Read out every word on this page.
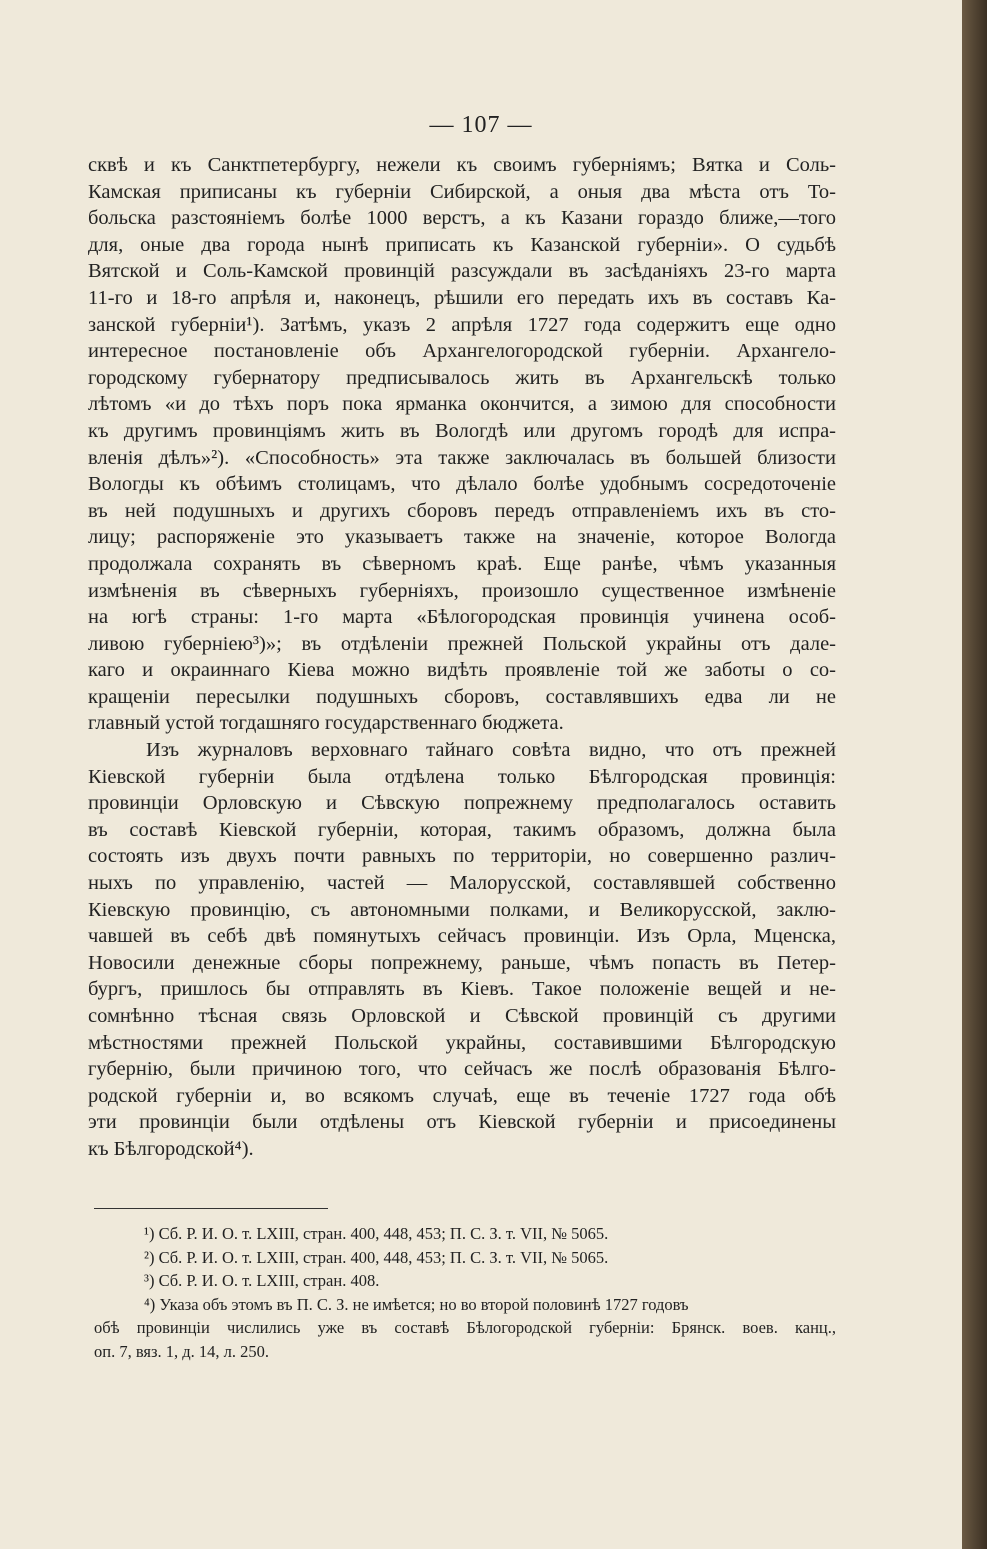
— 107 —
сквѣ и къ Санктпетербургу, нежели къ своимъ губерніямъ; Вятка и Соль-
Камская приписаны къ губерніи Сибирской, а оныя два мѣста отъ То-
больска разстояніемъ болѣе 1000 верстъ, а къ Казани гораздо ближе,—того
для, оные два города нынѣ приписать къ Казанской губерніи». О судьбѣ
Вятской и Соль-Камской провинцій разсуждали въ засѣданіяхъ 23-го марта
11-го и 18-го апрѣля и, наконецъ, рѣшили его передать ихъ въ составъ Ка-
занской губерніи¹). Затѣмъ, указъ 2 апрѣля 1727 года содержитъ еще одно
интересное постановленіе объ Архангелогородской губерніи. Архангело-
городскому губернатору предписывалось жить въ Архангельскѣ только
лѣтомъ «и до тѣхъ поръ пока ярманка окончится, а зимою для способности
къ другимъ провинціямъ жить въ Вологдѣ или другомъ городѣ для испра-
вленія дѣлъ»²). «Способность» эта также заключалась въ большей близости
Вологды къ обѣимъ столицамъ, что дѣлало болѣе удобнымъ сосредоточеніе
въ ней подушныхъ и другихъ сборовъ передъ отправленіемъ ихъ въ сто-
лицу; распоряженіе это указываетъ также на значеніе, которое Вологда
продолжала сохранять въ сѣверномъ краѣ. Еще ранѣе, чѣмъ указанныя
измѣненія въ сѣверныхъ губерніяхъ, произошло существенное измѣненіе
на югѣ страны: 1-го марта «Бѣлогородская провинція учинена особ-
ливою губерніею³)»; въ отдѣленіи прежней Польской украйны отъ дале-
каго и окраиннаго Кіева можно видѣть проявленіе той же заботы о со-
кращеніи пересылки подушныхъ сборовъ, составлявшихъ едва ли не
главный устой тогдашняго государственнаго бюджета.
Изъ журналовъ верховнаго тайнаго совѣта видно, что отъ прежней
Кіевской губерніи была отдѣлена только Бѣлгородская провинція:
провинціи Орловскую и Сѣвскую попрежнему предполагалось оставить
въ составѣ Кіевской губерніи, которая, такимъ образомъ, должна была
состоять изъ двухъ почти равныхъ по территоріи, но совершенно различ-
ныхъ по управленію, частей — Малорусской, составлявшей собственно
Кіевскую провинцію, съ автономными полками, и Великорусской, заклю-
чавшей въ себѣ двѣ помянутыхъ сейчасъ провинціи. Изъ Орла, Мценска,
Новосили денежные сборы попрежнему, раньше, чѣмъ попасть въ Петер-
бургъ, пришлось бы отправлять въ Кіевъ. Такое положеніе вещей и не-
сомнѣнно тѣсная связь Орловской и Сѣвской провинцій съ другими
мѣстностями прежней Польской украйны, составившими Бѣлгородскую
губернію, были причиною того, что сейчасъ же послѣ образованія Бѣлго-
родской губерніи и, во всякомъ случаѣ, еще въ теченіе 1727 года обѣ
эти провинціи были отдѣлены отъ Кіевской губерніи и присоединены
къ Бѣлгородской⁴).
¹) Сб. Р. И. О. т. LXIII, стран. 400, 448, 453; П. С. З. т. VII, № 5065.
²) Сб. Р. И. О. т. LXIII, стран. 400, 448, 453; П. С. З. т. VII, № 5065.
³) Сб. Р. И. О. т. LXIII, стран. 408.
⁴) Указа объ этомъ въ П. С. З. не имѣется; но во второй половинѣ 1727 годовъ
обѣ провинціи числились уже въ составѣ Бѣлогородской губерніи: Брянск. воев. канц.,
оп. 7, вяз. 1, д. 14, л. 250.
